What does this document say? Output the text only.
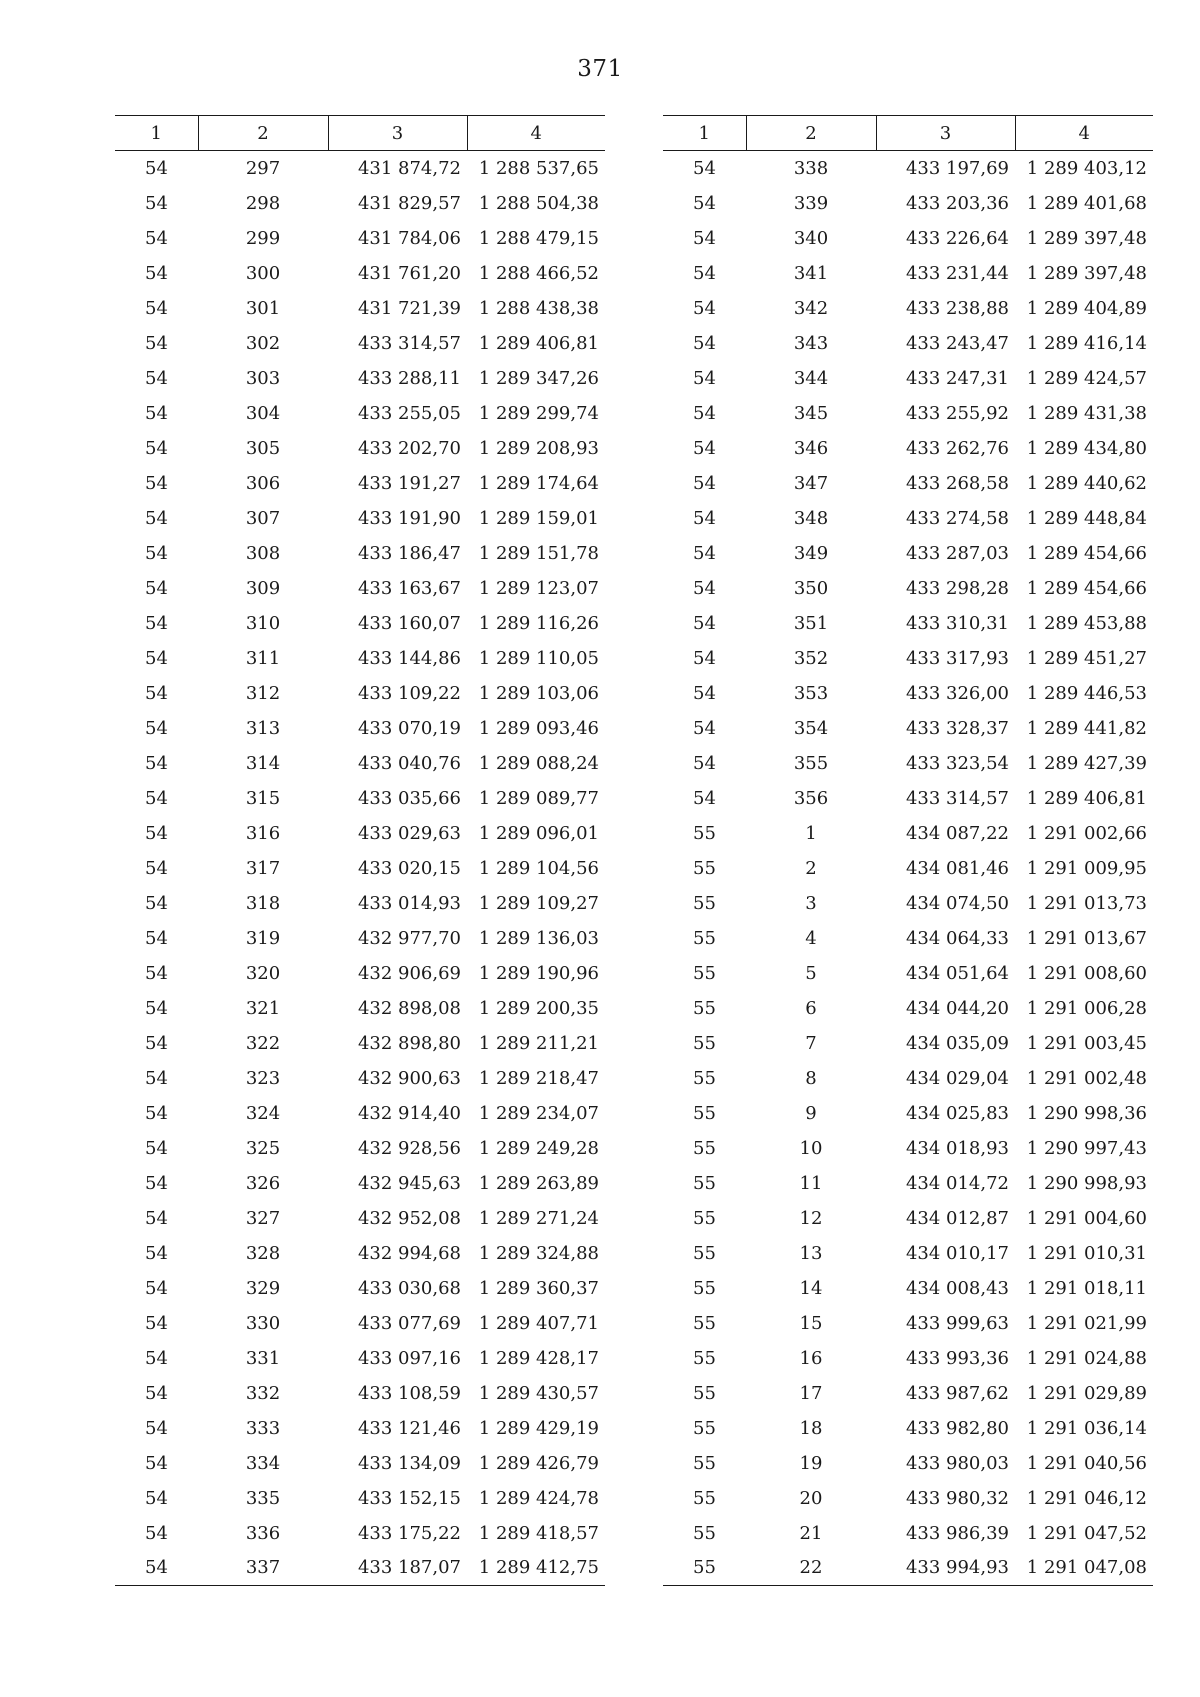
371
1	2	3	4
54	297	431 874,72	1 288 537,65
54	298	431 829,57	1 288 504,38
54	299	431 784,06	1 288 479,15
54	300	431 761,20	1 288 466,52
54	301	431 721,39	1 288 438,38
54	302	433 314,57	1 289 406,81
54	303	433 288,11	1 289 347,26
54	304	433 255,05	1 289 299,74
54	305	433 202,70	1 289 208,93
54	306	433 191,27	1 289 174,64
54	307	433 191,90	1 289 159,01
54	308	433 186,47	1 289 151,78
54	309	433 163,67	1 289 123,07
54	310	433 160,07	1 289 116,26
54	311	433 144,86	1 289 110,05
54	312	433 109,22	1 289 103,06
54	313	433 070,19	1 289 093,46
54	314	433 040,76	1 289 088,24
54	315	433 035,66	1 289 089,77
54	316	433 029,63	1 289 096,01
54	317	433 020,15	1 289 104,56
54	318	433 014,93	1 289 109,27
54	319	432 977,70	1 289 136,03
54	320	432 906,69	1 289 190,96
54	321	432 898,08	1 289 200,35
54	322	432 898,80	1 289 211,21
54	323	432 900,63	1 289 218,47
54	324	432 914,40	1 289 234,07
54	325	432 928,56	1 289 249,28
54	326	432 945,63	1 289 263,89
54	327	432 952,08	1 289 271,24
54	328	432 994,68	1 289 324,88
54	329	433 030,68	1 289 360,37
54	330	433 077,69	1 289 407,71
54	331	433 097,16	1 289 428,17
54	332	433 108,59	1 289 430,57
54	333	433 121,46	1 289 429,19
54	334	433 134,09	1 289 426,79
54	335	433 152,15	1 289 424,78
54	336	433 175,22	1 289 418,57
54	337	433 187,07	1 289 412,75
1	2	3	4
54	338	433 197,69	1 289 403,12
54	339	433 203,36	1 289 401,68
54	340	433 226,64	1 289 397,48
54	341	433 231,44	1 289 397,48
54	342	433 238,88	1 289 404,89
54	343	433 243,47	1 289 416,14
54	344	433 247,31	1 289 424,57
54	345	433 255,92	1 289 431,38
54	346	433 262,76	1 289 434,80
54	347	433 268,58	1 289 440,62
54	348	433 274,58	1 289 448,84
54	349	433 287,03	1 289 454,66
54	350	433 298,28	1 289 454,66
54	351	433 310,31	1 289 453,88
54	352	433 317,93	1 289 451,27
54	353	433 326,00	1 289 446,53
54	354	433 328,37	1 289 441,82
54	355	433 323,54	1 289 427,39
54	356	433 314,57	1 289 406,81
55	1	434 087,22	1 291 002,66
55	2	434 081,46	1 291 009,95
55	3	434 074,50	1 291 013,73
55	4	434 064,33	1 291 013,67
55	5	434 051,64	1 291 008,60
55	6	434 044,20	1 291 006,28
55	7	434 035,09	1 291 003,45
55	8	434 029,04	1 291 002,48
55	9	434 025,83	1 290 998,36
55	10	434 018,93	1 290 997,43
55	11	434 014,72	1 290 998,93
55	12	434 012,87	1 291 004,60
55	13	434 010,17	1 291 010,31
55	14	434 008,43	1 291 018,11
55	15	433 999,63	1 291 021,99
55	16	433 993,36	1 291 024,88
55	17	433 987,62	1 291 029,89
55	18	433 982,80	1 291 036,14
55	19	433 980,03	1 291 040,56
55	20	433 980,32	1 291 046,12
55	21	433 986,39	1 291 047,52
55	22	433 994,93	1 291 047,08
